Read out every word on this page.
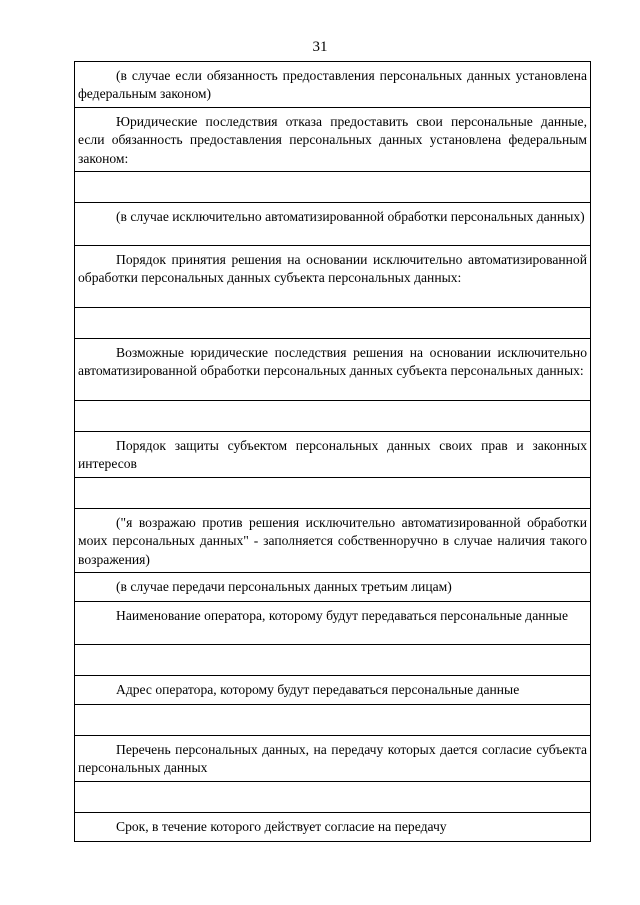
31
(в случае если обязанность предоставления персональных данных установлена федеральным законом)

Юридические последствия отказа предоставить свои персональные данные, если обязанность предоставления персональных данных установлена федеральным законом:

(в случае исключительно автоматизированной обработки персональных данных)

Порядок принятия решения на основании исключительно автоматизированной обработки персональных данных субъекта персональных данных:

Возможные юридические последствия решения на основании исключительно автоматизированной обработки персональных данных субъекта персональных данных:

Порядок защиты субъектом персональных данных своих прав и законных интересов

("я возражаю против решения исключительно автоматизированной обработки моих персональных данных" - заполняется собственноручно в случае наличия такого возражения)

(в случае передачи персональных данных третьим лицам)

Наименование оператора, которому будут передаваться персональные данные

Адрес оператора, которому будут передаваться персональные данные

Перечень персональных данных, на передачу которых дается согласие субъекта персональных данных

Срок, в течение которого действует согласие на передачу
